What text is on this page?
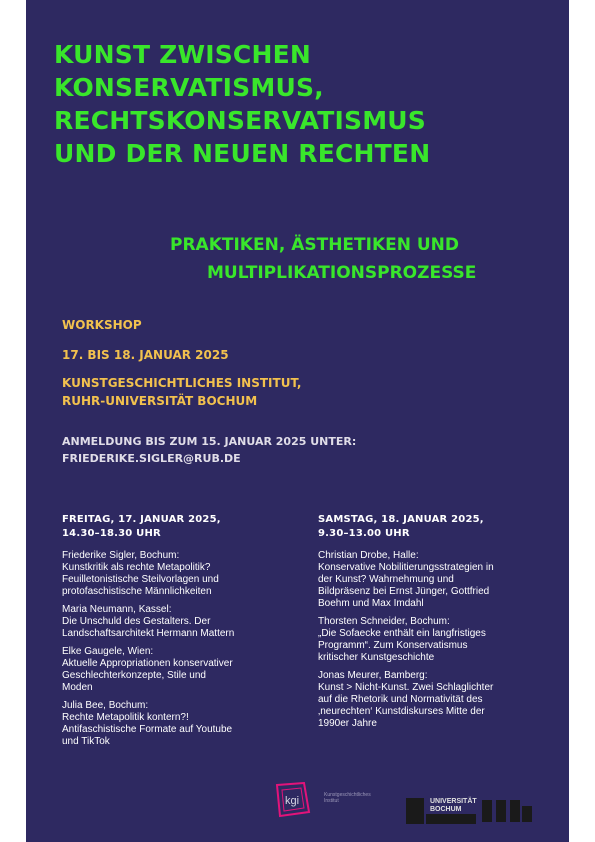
KUNST ZWISCHEN
KONSERVATISMUS,
RECHTSKONSERVATISMUS
UND DER NEUEN RECHTEN
PRAKTIKEN, ÄSTHETIKEN UND
MULTIPLIKATIONSPROZESSE
WORKSHOP
17. BIS 18. JANUAR 2025
KUNSTGESCHICHTLICHES INSTITUT,
RUHR-UNIVERSITÄT BOCHUM
ANMELDUNG BIS ZUM 15. JANUAR 2025 UNTER:
FRIEDERIKE.SIGLER@RUB.DE
FREITAG, 17. JANUAR 2025,
14.30–18.30 UHR
Friederike Sigler, Bochum:
Kunstkritik als rechte Metapolitik?
Feuilletonistische Steilvorlagen und
protofaschistische Männlichkeiten
Maria Neumann, Kassel:
Die Unschuld des Gestalters. Der
Landschaftsarchitekt Hermann Mattern
Elke Gaugele, Wien:
Aktuelle Appropriationen konservativer
Geschlechterkonzepte, Stile und
Moden
Julia Bee, Bochum:
Rechte Metapolitik kontern?!
Antifaschistische Formate auf Youtube
und TikTok
SAMSTAG, 18. JANUAR 2025,
9.30–13.00 UHR
Christian Drobe, Halle:
Konservative Nobilitierungsstrategien in
der Kunst? Wahrnehmung und
Bildpräsenz bei Ernst Jünger, Gottfried
Boehm und Max Imdahl
Thorsten Schneider, Bochum:
„Die Sofaecke enthält ein langfristiges
Programm“. Zum Konservatismus
kritischer Kunstgeschichte
Jonas Meurer, Bamberg:
Kunst > Nicht-Kunst. Zwei Schlaglichter
auf die Rhetorik und Normativität des
‚neurechten‘ Kunstdiskurses Mitte der
1990er Jahre
kgi	Kunstgeschichtliches
Institut	UNIVERSITÄT
BOCHUM
